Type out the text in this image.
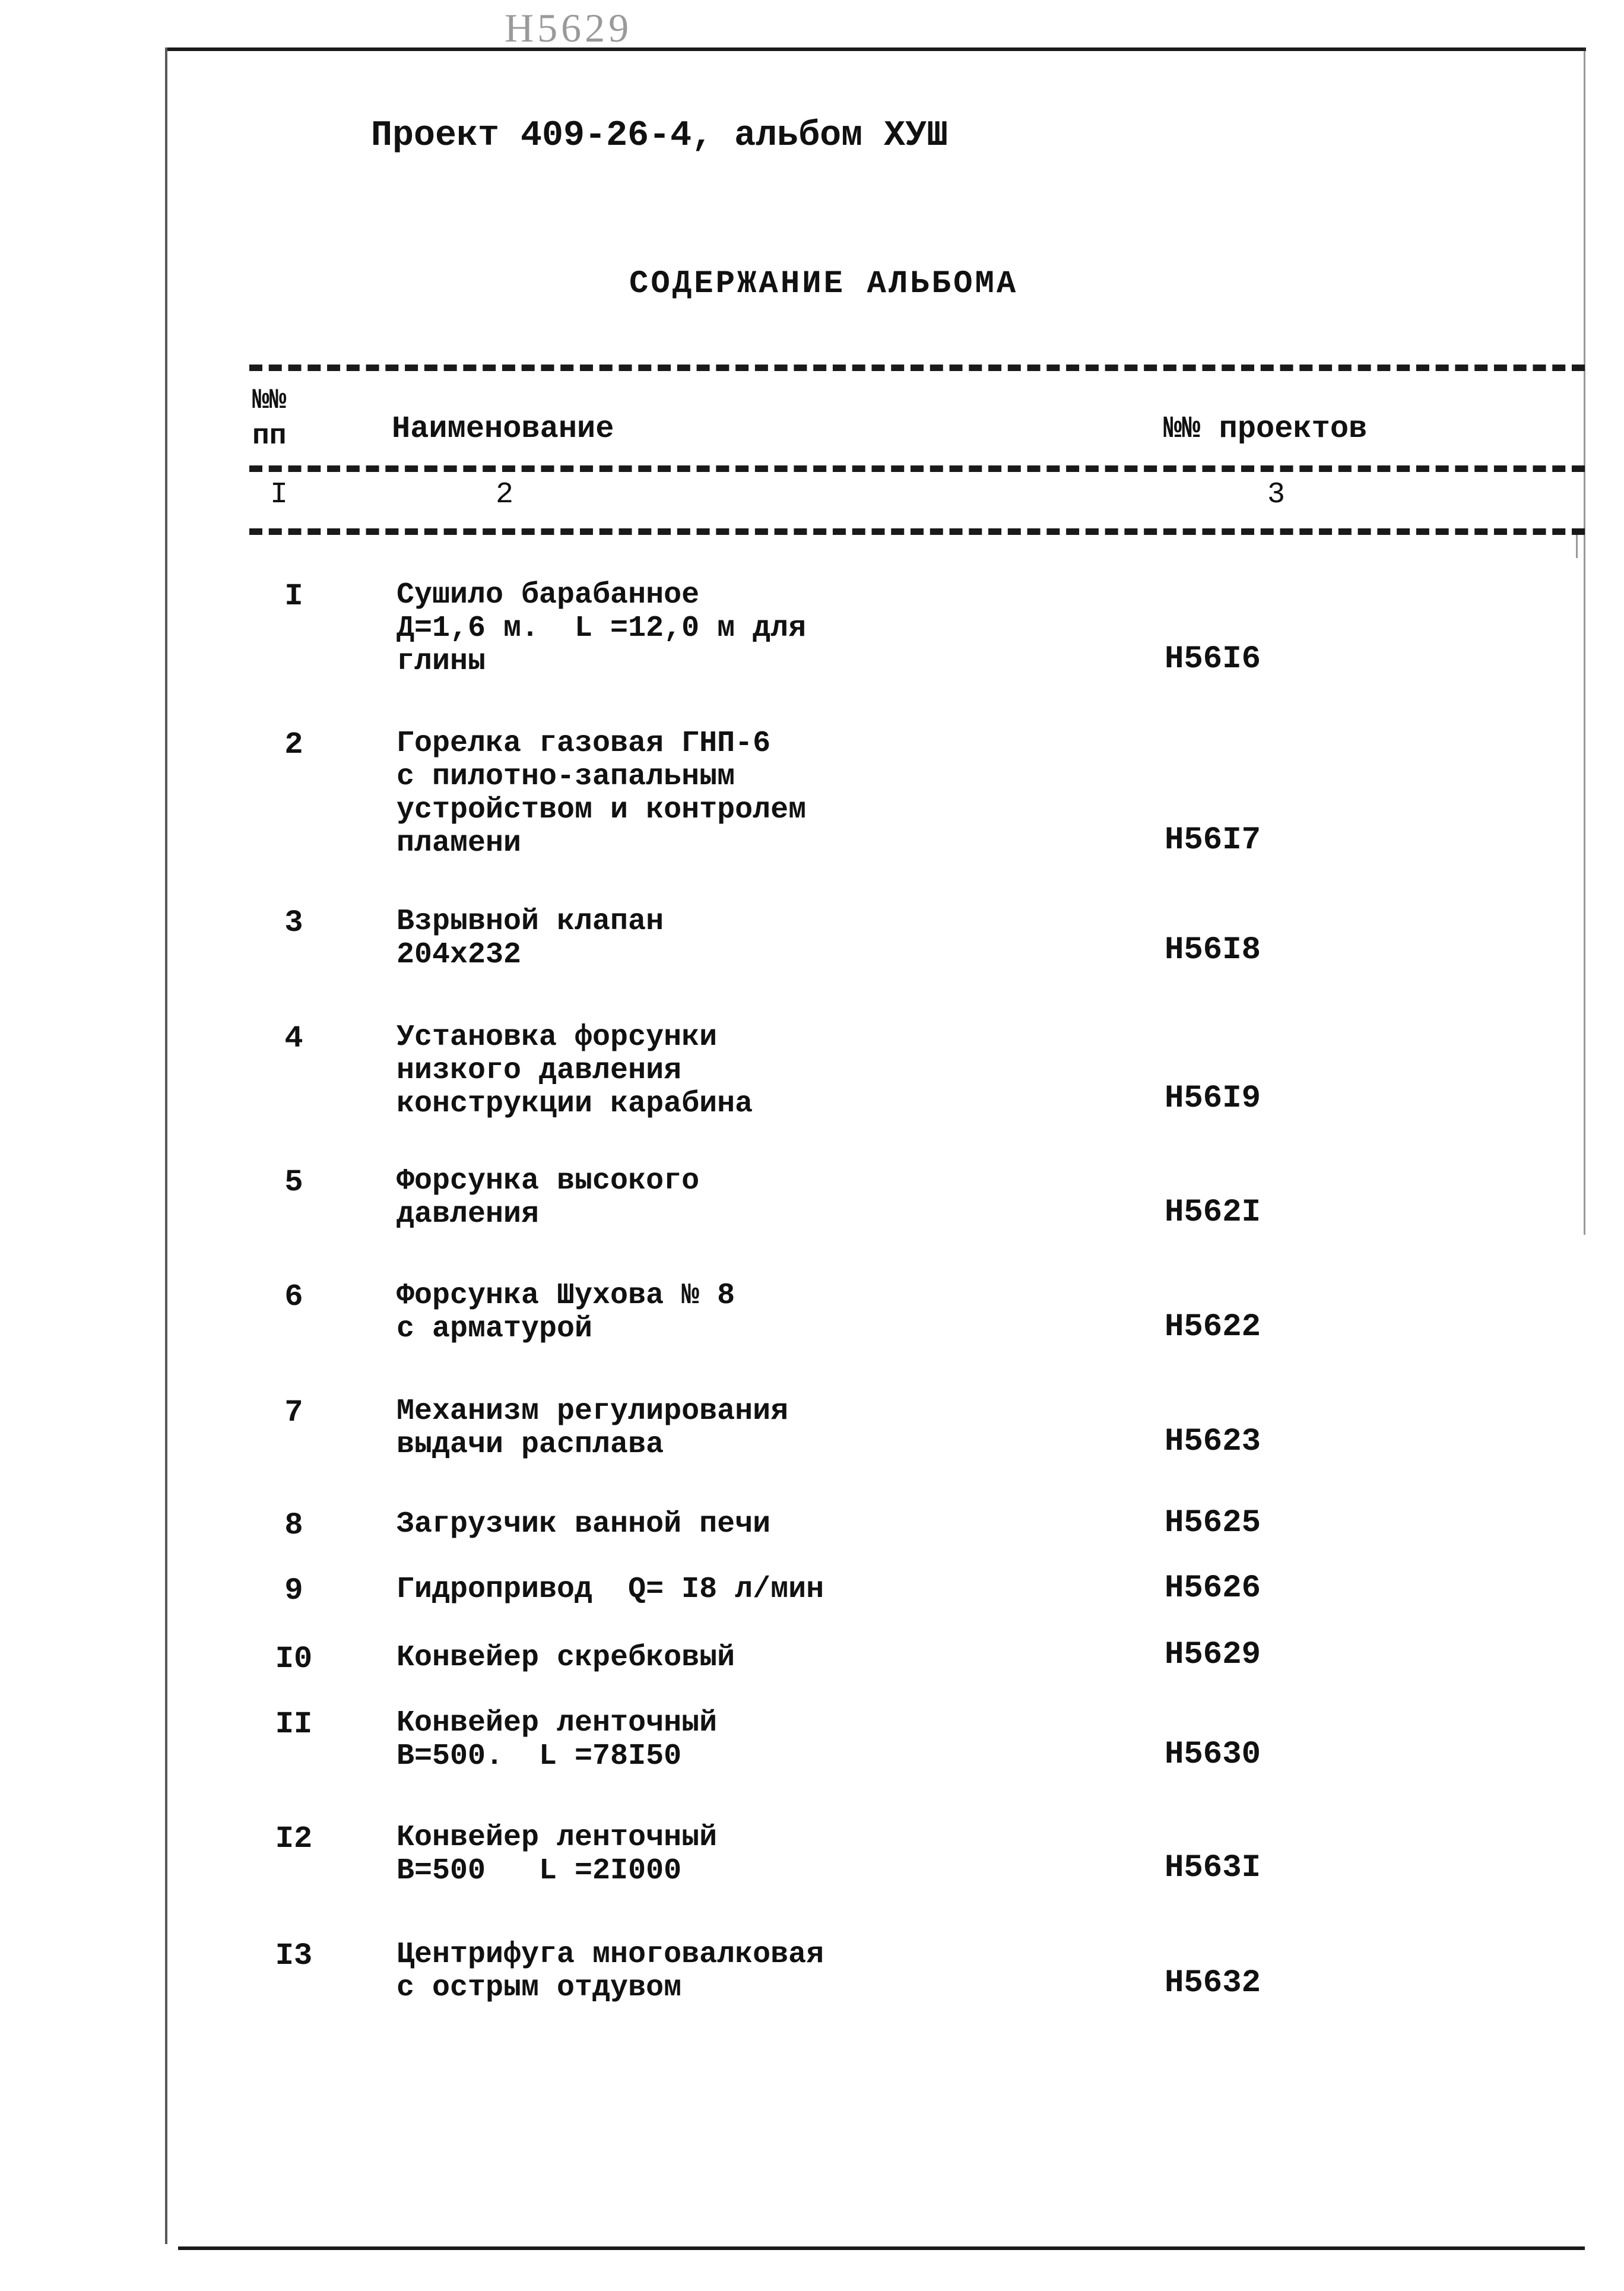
H5629
Проект 409-26-4, альбом ХУШ
СОДЕРЖАНИЕ АЛЬБОМА
№№
пп	Наименование	№№ проектов
I	2	3
I	Сушило барабанное
Д=1,6 м.  L =12,0 м для
глины	H56I6
2	Горелка газовая ГНП-6
с пилотно-запальным
устройством и контролем
пламени	H56I7
3	Взрывной клапан
204х232	H56I8
4	Установка форсунки
низкого давления
конструкции карабина	H56I9
5	Форсунка высокого
давления	H562I
6	Форсунка Шухова № 8
с арматурой	H5622
7	Механизм регулирования
выдачи расплава	H5623
8	Загрузчик ванной печи	H5625
9	Гидропривод  Q= I8 л/мин	H5626
I0	Конвейер скребковый	H5629
II	Конвейер ленточный
В=500.  L =78I50	H5630
I2	Конвейер ленточный
В=500   L =2I000	H563I
I3	Центрифуга многовалковая
с острым отдувом	H5632
